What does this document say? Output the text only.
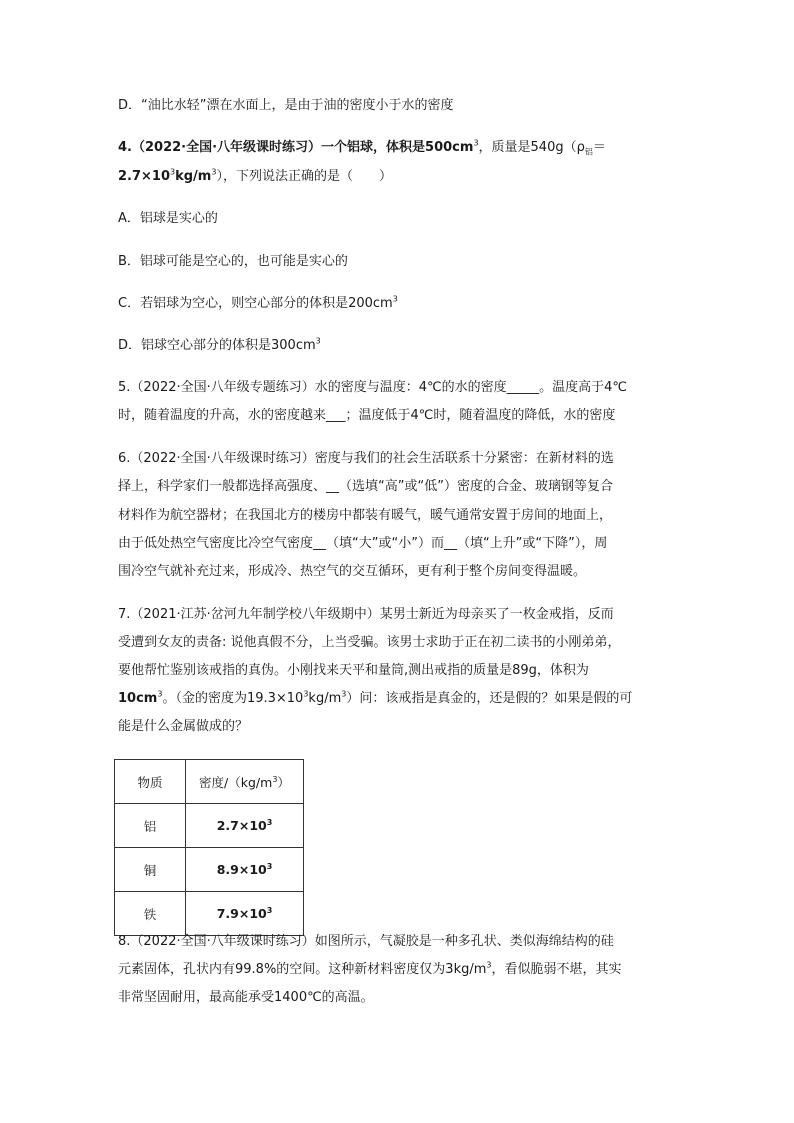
D．“油比水轻”漂在水面上，是由于油的密度小于水的密度
4.（2022·全国·八年级课时练习）一个铝球，体积是$500cm^3$，质量是$540g(\rho_铝=$
$2.7\times 10^3kg/m^3$），下列说法正确的是（　　）
A．铝球是实心的
B．铝球可能是空心的，也可能是实心的
C．若铝球为空心，则空心部分的体积是$200cm^3$
D．铝球空心部分的体积是$300cm^3$
5.（2022·全国·八年级专题练习）水的密度与温度：4℃的水的密度_____。温度高于4℃
时，随着温度的升高，水的密度越来___；温度低于4℃时，随着温度的降低，水的密度
6.（2022·全国·八年级课时练习）密度与我们的社会生活联系十分紧密：在新材料的选
择上，科学家们一般都选择高强度、__（选填“高”或“低”）密度的合金、玻璃钢等复合
材料作为航空器材；在我国北方的楼房中都装有暖气，暖气通常安置于房间的地面上，
由于低处热空气密度比冷空气密度__（填“大”或“小”）而__（填“上升”或“下降”），周
围冷空气就补充过来，形成冷、热空气的交互循环，更有利于整个房间变得温暖。
7.（2021·江苏·岔河九年制学校八年级期中）某男士新近为母亲买了一枚金戒指，反而
受遭到女友的责备: 说他真假不分，上当受骗。该男士求助于正在初二读书的小刚弟弟，
要他帮忙鉴别该戒指的真伪。小刚找来天平和量筒,测出戒指的质量是89g，体积为
$10cm^3$。（金的密度为$19.3\times 10^3kg/m^3$）问：该戒指是真金的，还是假的？如果是假的可
能是什么金属做成的？
物质	密度$/(kg/m^3)$
铝	$2.7\times 10^3$
铜	$8.9\times 10^3$
铁	$7.9\times 10^3$
8.（2022·全国·八年级课时练习）如图所示，气凝胶是一种多孔状、类似海绵结构的硅
元素固体，孔状内有99.8%的空间。这种新材料密度仅为$3kg/m^3$，看似脆弱不堪，其实
非常坚固耐用，最高能承受1400℃的高温。
